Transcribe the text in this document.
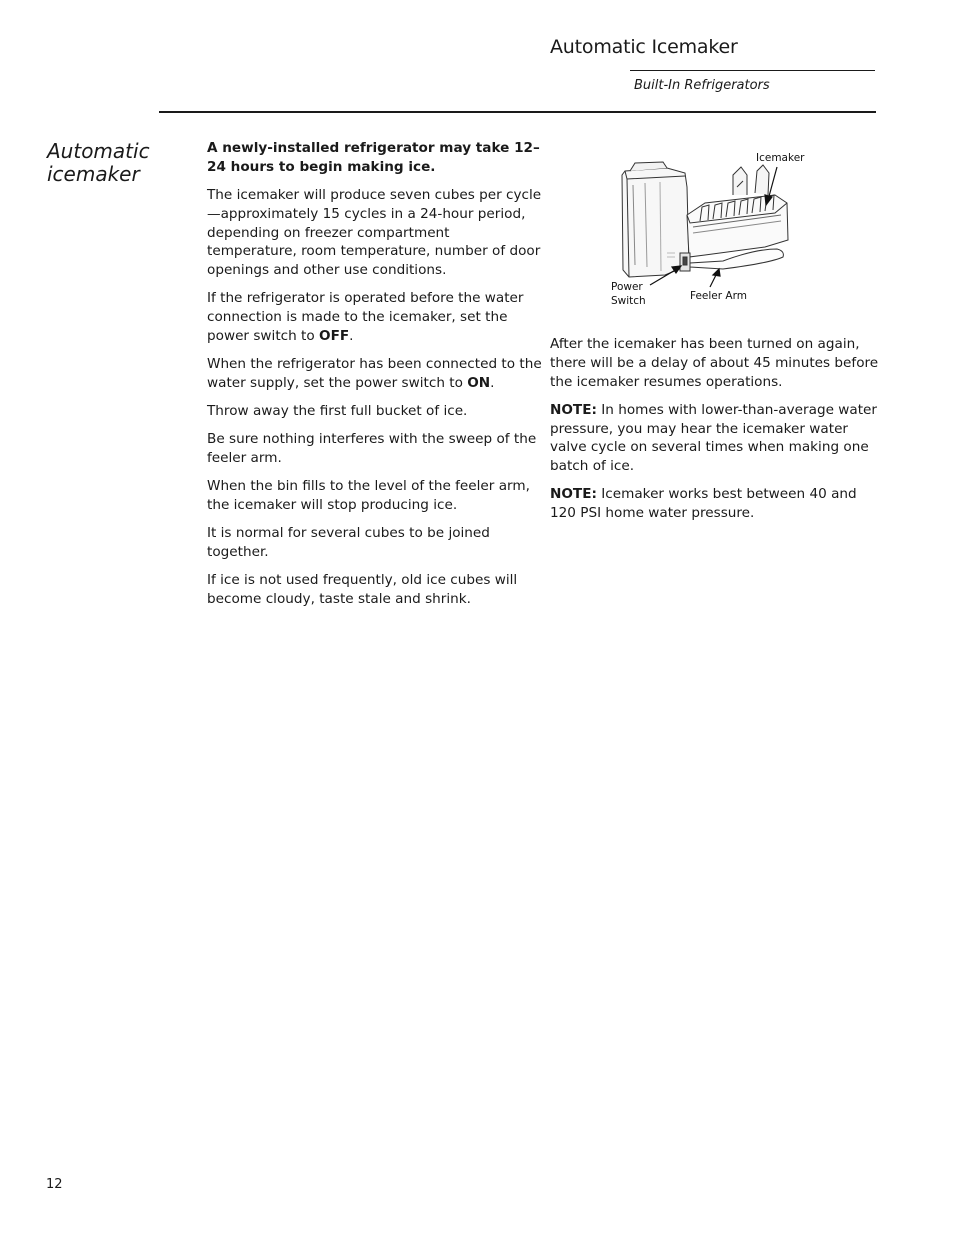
Automatic Icemaker

Built-In Refrigerators

Automatic icemaker

A newly-installed refrigerator may take 12–24 hours to begin making ice.

The icemaker will produce seven cubes per cycle—approximately 15 cycles in a 24-hour period, depending on freezer compartment temperature, room temperature, number of door openings and other use conditions.

If the refrigerator is operated before the water connection is made to the icemaker, set the power switch to OFF.

When the refrigerator has been connected to the water supply, set the power switch to ON.

Throw away the first full bucket of ice.

Be sure nothing interferes with the sweep of the feeler arm.

When the bin fills to the level of the feeler arm, the icemaker will stop producing ice.

It is normal for several cubes to be joined together.

If ice is not used frequently, old ice cubes will become cloudy, taste stale and shrink.

Icemaker
Power
Switch	Feeler Arm

After the icemaker has been turned on again, there will be a delay of about 45 minutes before the icemaker resumes operations.

NOTE: In homes with lower-than-average water pressure, you may hear the icemaker water valve cycle on several times when making one batch of ice.

NOTE: Icemaker works best between 40 and 120 PSI home water pressure.

12
